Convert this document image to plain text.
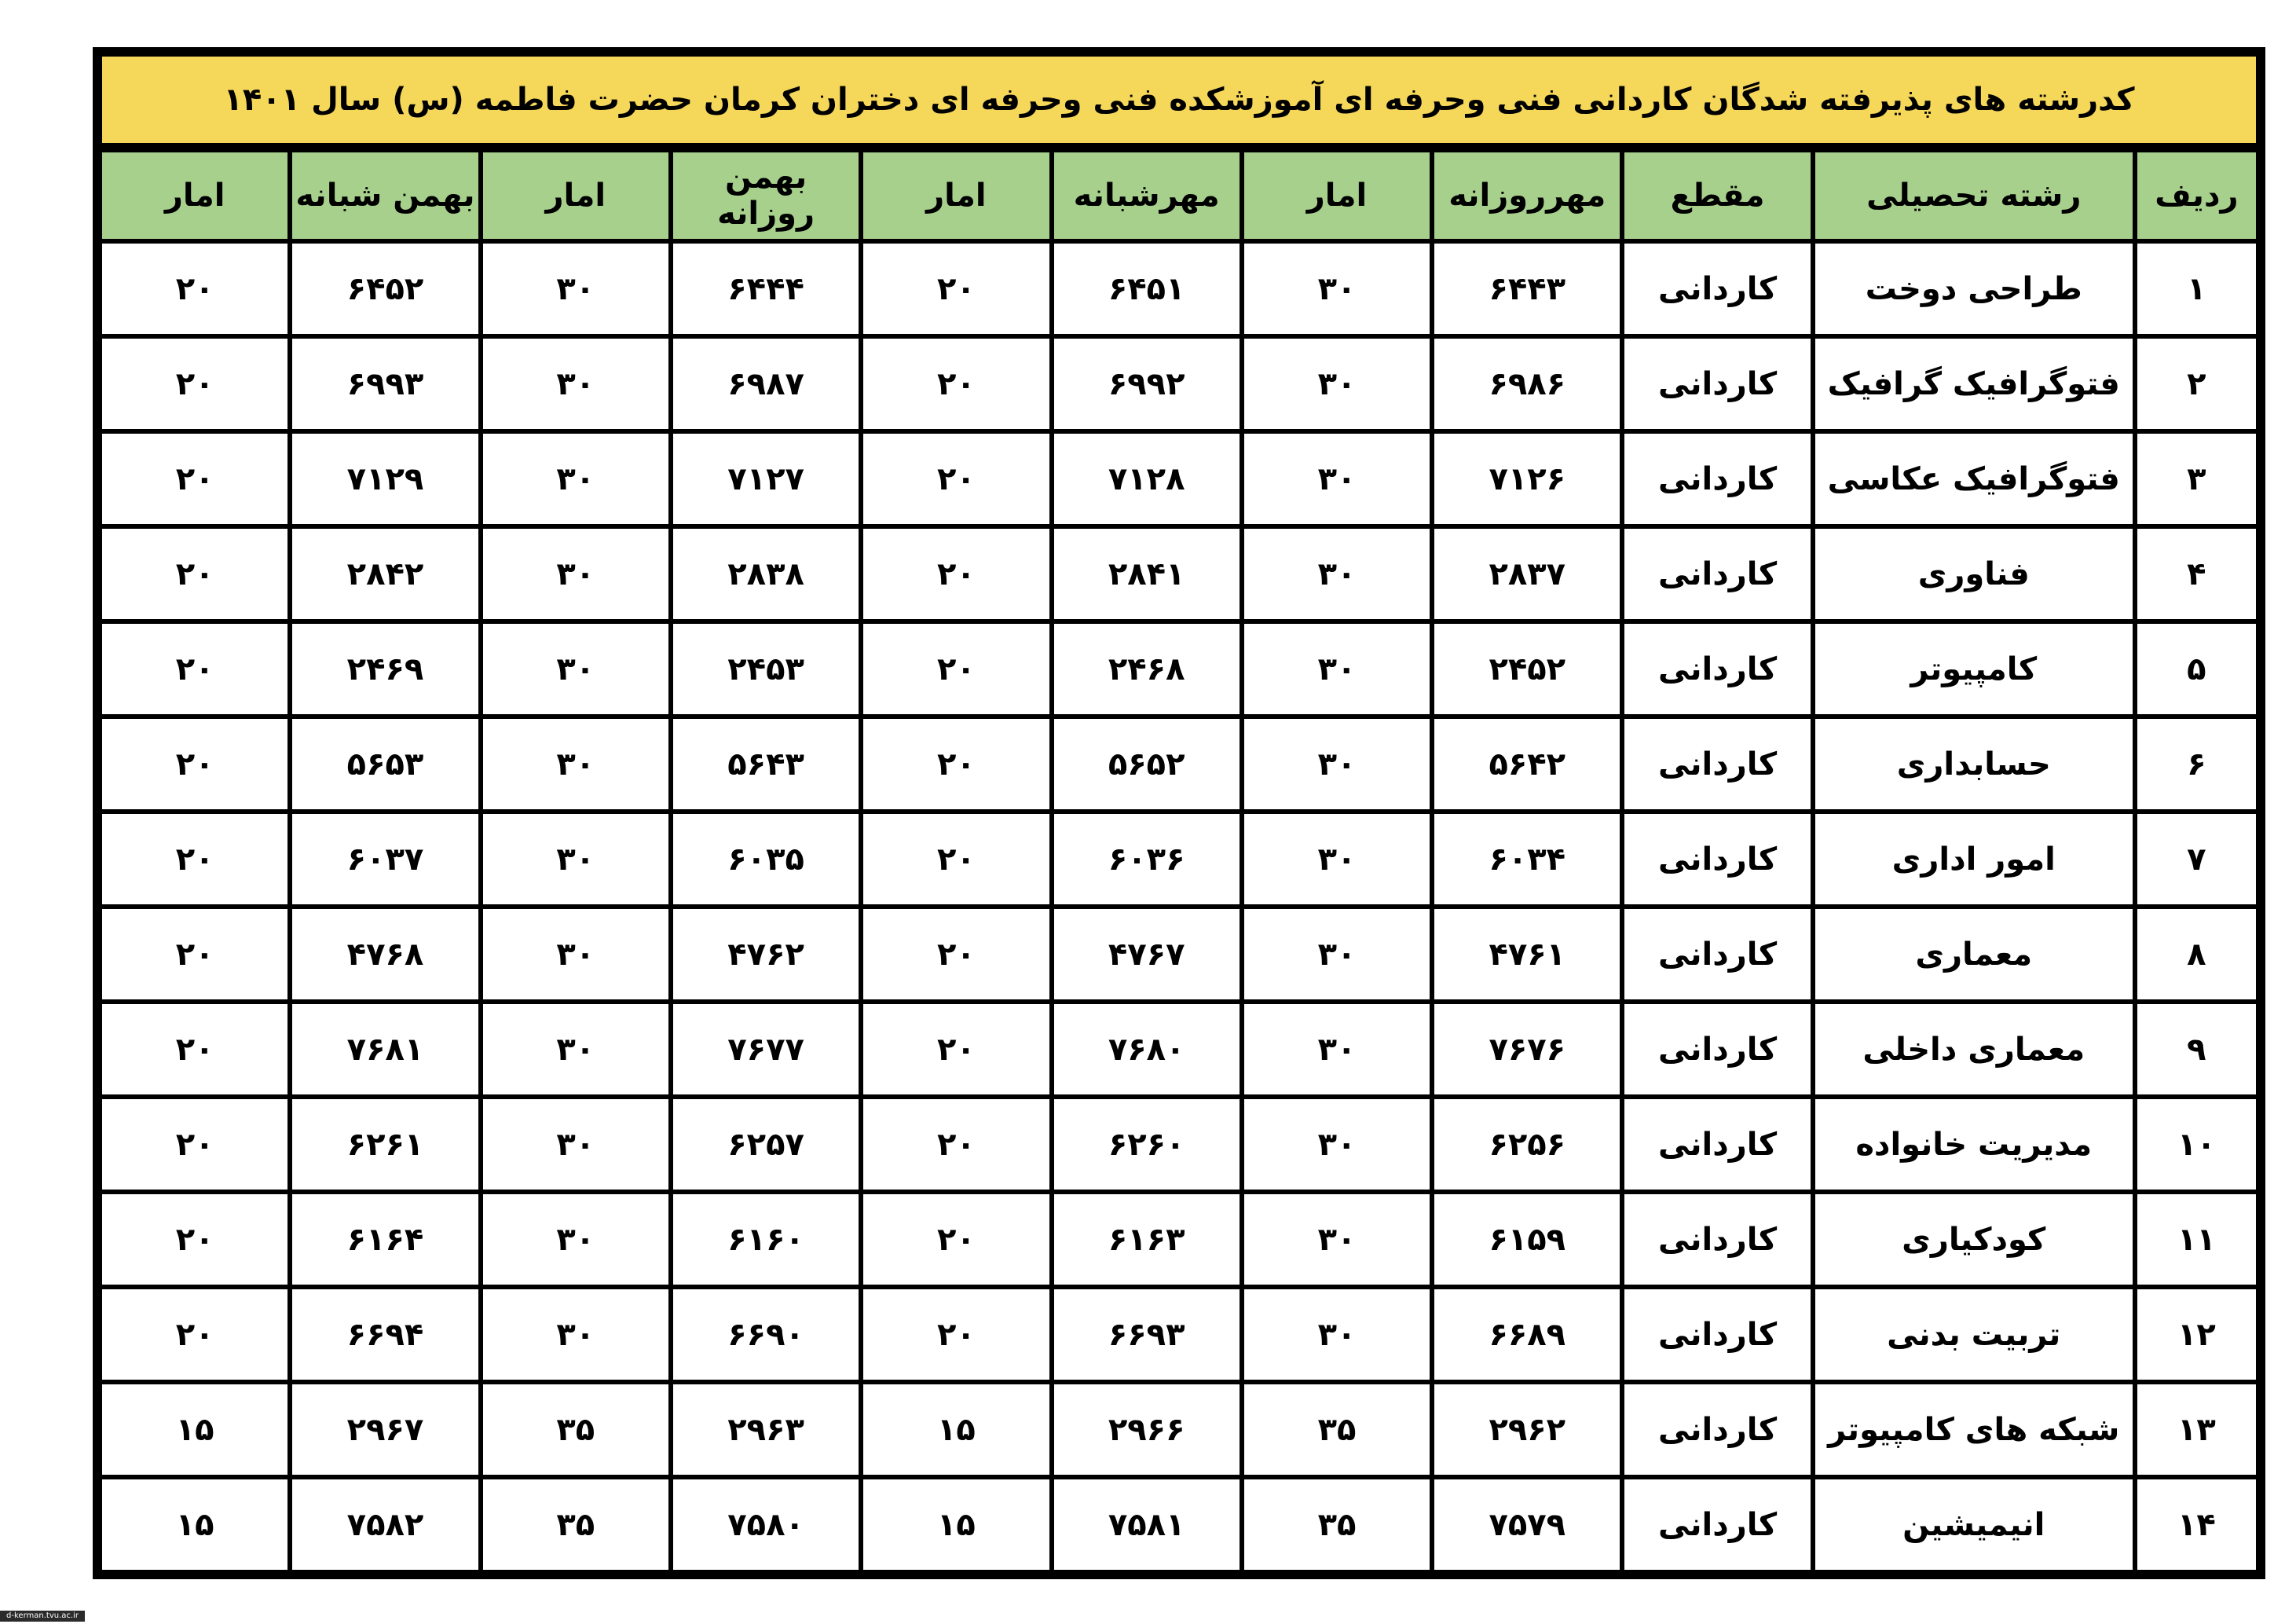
کدرشته های پذیرفته شدگان کاردانی فنی وحرفه ای آموزشکده فنی وحرفه ای دختران کرمان حضرت فاطمه (س) سال ۱۴۰۱
ردیف	رشته تحصیلی	مقطع	مهرروزانه	امار	مهرشبانه	امار	بهمن روزانه	امار	بهمن شبانه	امار
۱	طراحی دوخت	کاردانی	۶۴۴۳	۳۰	۶۴۵۱	۲۰	۶۴۴۴	۳۰	۶۴۵۲	۲۰
۲	فتوگرافیک گرافیک	کاردانی	۶۹۸۶	۳۰	۶۹۹۲	۲۰	۶۹۸۷	۳۰	۶۹۹۳	۲۰
۳	فتوگرافیک عکاسی	کاردانی	۷۱۲۶	۳۰	۷۱۲۸	۲۰	۷۱۲۷	۳۰	۷۱۲۹	۲۰
۴	فناوری	کاردانی	۲۸۳۷	۳۰	۲۸۴۱	۲۰	۲۸۳۸	۳۰	۲۸۴۲	۲۰
۵	کامپیوتر	کاردانی	۲۴۵۲	۳۰	۲۴۶۸	۲۰	۲۴۵۳	۳۰	۲۴۶۹	۲۰
۶	حسابداری	کاردانی	۵۶۴۲	۳۰	۵۶۵۲	۲۰	۵۶۴۳	۳۰	۵۶۵۳	۲۰
۷	امور اداری	کاردانی	۶۰۳۴	۳۰	۶۰۳۶	۲۰	۶۰۳۵	۳۰	۶۰۳۷	۲۰
۸	معماری	کاردانی	۴۷۶۱	۳۰	۴۷۶۷	۲۰	۴۷۶۲	۳۰	۴۷۶۸	۲۰
۹	معماری داخلی	کاردانی	۷۶۷۶	۳۰	۷۶۸۰	۲۰	۷۶۷۷	۳۰	۷۶۸۱	۲۰
۱۰	مدیریت خانواده	کاردانی	۶۲۵۶	۳۰	۶۲۶۰	۲۰	۶۲۵۷	۳۰	۶۲۶۱	۲۰
۱۱	کودکیاری	کاردانی	۶۱۵۹	۳۰	۶۱۶۳	۲۰	۶۱۶۰	۳۰	۶۱۶۴	۲۰
۱۲	تربیت بدنی	کاردانی	۶۶۸۹	۳۰	۶۶۹۳	۲۰	۶۶۹۰	۳۰	۶۶۹۴	۲۰
۱۳	شبکه های کامپیوتر	کاردانی	۲۹۶۲	۳۵	۲۹۶۶	۱۵	۲۹۶۳	۳۵	۲۹۶۷	۱۵
۱۴	انیمیشین	کاردانی	۷۵۷۹	۳۵	۷۵۸۱	۱۵	۷۵۸۰	۳۵	۷۵۸۲	۱۵
d-kerman.tvu.ac.ir
